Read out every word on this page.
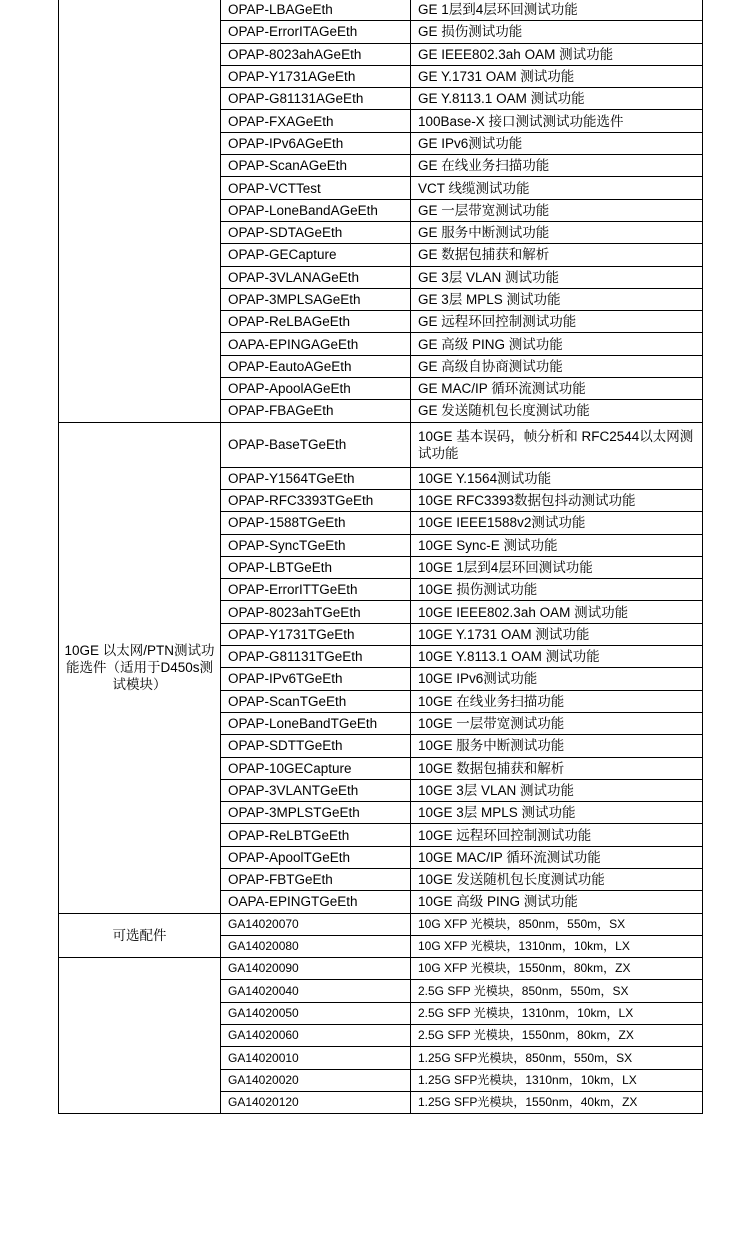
	OPAP-LBAGeEth	GE 1层到4层环回测试功能
	OPAP-ErrorITAGeEth	GE 损伤测试功能
	OPAP-8023ahAGeEth	GE IEEE802.3ah OAM 测试功能
	OPAP-Y1731AGeEth	GE Y.1731 OAM 测试功能
	OPAP-G81131AGeEth	GE Y.8113.1 OAM 测试功能
	OPAP-FXAGeEth	100Base-X 接口测试测试功能选件
	OPAP-IPv6AGeEth	GE IPv6测试功能
	OPAP-ScanAGeEth	GE 在线业务扫描功能
	OPAP-VCTTest	VCT 线缆测试功能
	OPAP-LoneBandAGeEth	GE 一层带宽测试功能
	OPAP-SDTAGeEth	GE 服务中断测试功能
	OPAP-GECapture	GE 数据包捕获和解析
	OPAP-3VLANAGeEth	GE 3层 VLAN 测试功能
	OPAP-3MPLSAGeEth	GE 3层 MPLS 测试功能
	OPAP-ReLBAGeEth	GE 远程环回控制测试功能
	OAPA-EPINGAGeEth	GE 高级 PING 测试功能
	OPAP-EautoAGeEth	GE 高级自协商测试功能
	OPAP-ApoolAGeEth	GE MAC/IP 循环流测试功能
	OPAP-FBAGeEth	GE 发送随机包长度测试功能
10GE 以太网/PTN测试功能选件（适用于D450s测试模块）	OPAP-BaseTGeEth	10GE 基本误码，帧分析和 RFC2544以太网测试功能
	OPAP-Y1564TGeEth	10GE Y.1564测试功能
	OPAP-RFC3393TGeEth	10GE RFC3393数据包抖动测试功能
	OPAP-1588TGeEth	10GE IEEE1588v2测试功能
	OPAP-SyncTGeEth	10GE Sync-E 测试功能
	OPAP-LBTGeEth	10GE 1层到4层环回测试功能
	OPAP-ErrorITTGeEth	10GE 损伤测试功能
	OPAP-8023ahTGeEth	10GE IEEE802.3ah OAM 测试功能
	OPAP-Y1731TGeEth	10GE Y.1731 OAM 测试功能
	OPAP-G81131TGeEth	10GE Y.8113.1 OAM 测试功能
	OPAP-IPv6TGeEth	10GE IPv6测试功能
	OPAP-ScanTGeEth	10GE 在线业务扫描功能
	OPAP-LoneBandTGeEth	10GE 一层带宽测试功能
	OPAP-SDTTGeEth	10GE 服务中断测试功能
	OPAP-10GECapture	10GE 数据包捕获和解析
	OPAP-3VLANTGeEth	10GE 3层 VLAN 测试功能
	OPAP-3MPLSTGeEth	10GE 3层 MPLS 测试功能
	OPAP-ReLBTGeEth	10GE 远程环回控制测试功能
	OPAP-ApoolTGeEth	10GE MAC/IP 循环流测试功能
	OPAP-FBTGeEth	10GE 发送随机包长度测试功能
	OAPA-EPINGTGeEth	10GE 高级 PING 测试功能
可选配件	GA14020070	10G XFP 光模块，850nm，550m，SX
	GA14020080	10G XFP 光模块，1310nm，10km，LX
	GA14020090	10G XFP 光模块，1550nm，80km，ZX
	GA14020040	2.5G SFP 光模块，850nm，550m，SX
	GA14020050	2.5G SFP 光模块，1310nm，10km，LX
	GA14020060	2.5G SFP 光模块，1550nm，80km，ZX
	GA14020010	1.25G SFP光模块，850nm，550m，SX
	GA14020020	1.25G SFP光模块，1310nm，10km，LX
	GA14020120	1.25G SFP光模块，1550nm，40km，ZX
